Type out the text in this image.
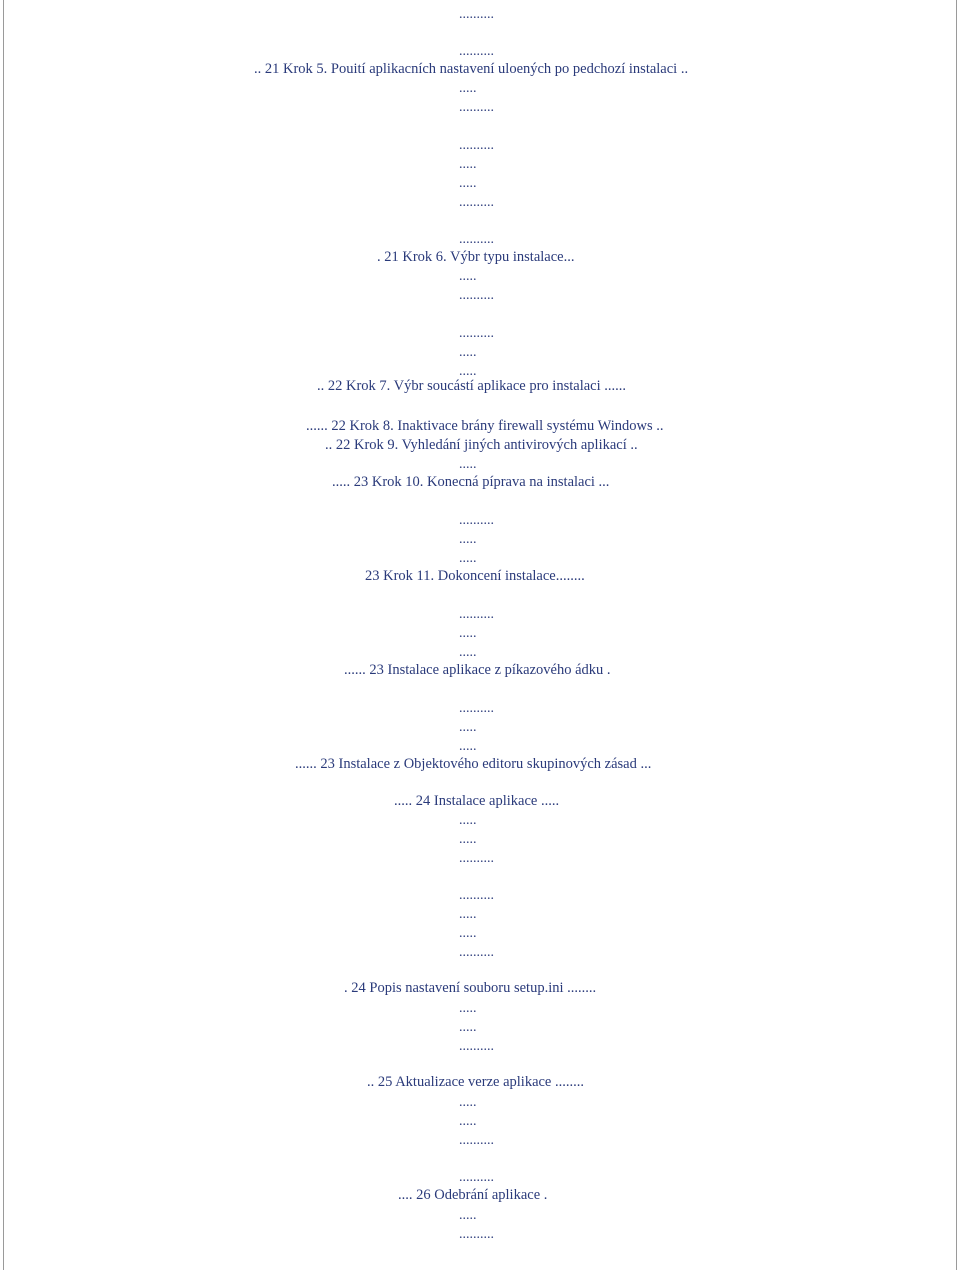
..........
..........
.. 21 Krok 5. Pouití aplikacních nastavení uloených po pedchozí instalaci ..
.....
..........
..........
.....
.....
..........
..........
. 21 Krok 6. Výbr typu instalace...
.....
..........
..........
.....
.....
.. 22 Krok 7. Výbr soucástí aplikace pro instalaci ......
...... 22 Krok 8. Inaktivace brány firewall systému Windows ..
.. 22 Krok 9. Vyhledání jiných antivirových aplikací ..
.....
..... 23 Krok 10. Konecná píprava na instalaci ...
..........
.....
.....
23 Krok 11. Dokoncení instalace........
..........
.....
.....
...... 23 Instalace aplikace z píkazového ádku .
..........
.....
.....
...... 23 Instalace z Objektového editoru skupinových zásad ...
..... 24 Instalace aplikace .....
.....
.....
..........
..........
.....
.....
..........
. 24 Popis nastavení souboru setup.ini ........
.....
.....
..........
.. 25 Aktualizace verze aplikace ........
.....
.....
..........
..........
.... 26 Odebrání aplikace .
.....
..........
